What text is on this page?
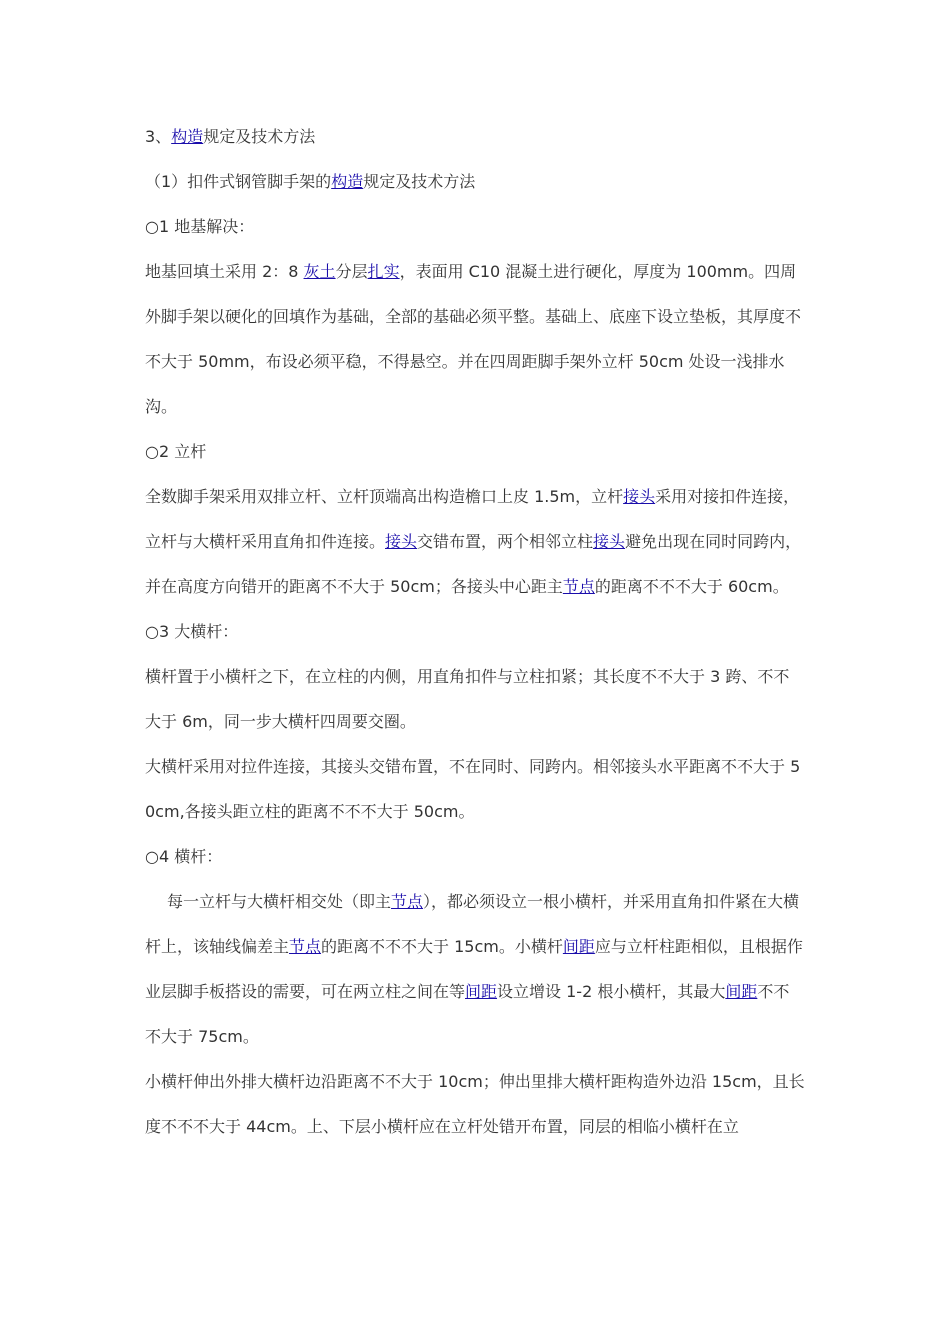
3、构造规定及技术方法

（1）扣件式钢管脚手架的构造规定及技术方法

○1 地基解决：

地基回填土采用 2：8 灰土分层扎实，表面用 C10 混凝土进行硬化，厚度为 100mm。四周外脚手架以硬化的回填作为基础，全部的基础必须平整。基础上、底座下设立垫板，其厚度不不大于 50mm，布设必须平稳，不得悬空。并在四周距脚手架外立杆 50cm 处设一浅排水沟。

○2 立杆

全数脚手架采用双排立杆、立杆顶端高出构造檐口上皮 1.5m，立杆接头采用对接扣件连接，立杆与大横杆采用直角扣件连接。接头交错布置，两个相邻立柱接头避免出现在同时同跨内，并在高度方向错开的距离不不大于 50cm；各接头中心距主节点的距离不不不大于 60cm。

○3 大横杆：

横杆置于小横杆之下，在立柱的内侧，用直角扣件与立柱扣紧；其长度不不大于 3 跨、不不大于 6m，同一步大横杆四周要交圈。

大横杆采用对拉件连接，其接头交错布置，不在同时、同跨内。相邻接头水平距离不不大于 50cm,各接头距立柱的距离不不不大于 50cm。

○4 横杆：

每一立杆与大横杆相交处（即主节点），都必须设立一根小横杆，并采用直角扣件紧在大横杆上，该轴线偏差主节点的距离不不不大于 15cm。小横杆间距应与立杆柱距相似，且根据作业层脚手板搭设的需要，可在两立柱之间在等间距设立增设 1-2 根小横杆，其最大间距不不不大于 75cm。

小横杆伸出外排大横杆边沿距离不不大于 10cm；伸出里排大横杆距构造外边沿 15cm，且长度不不不大于 44cm。上、下层小横杆应在立杆处错开布置，同层的相临小横杆在立
